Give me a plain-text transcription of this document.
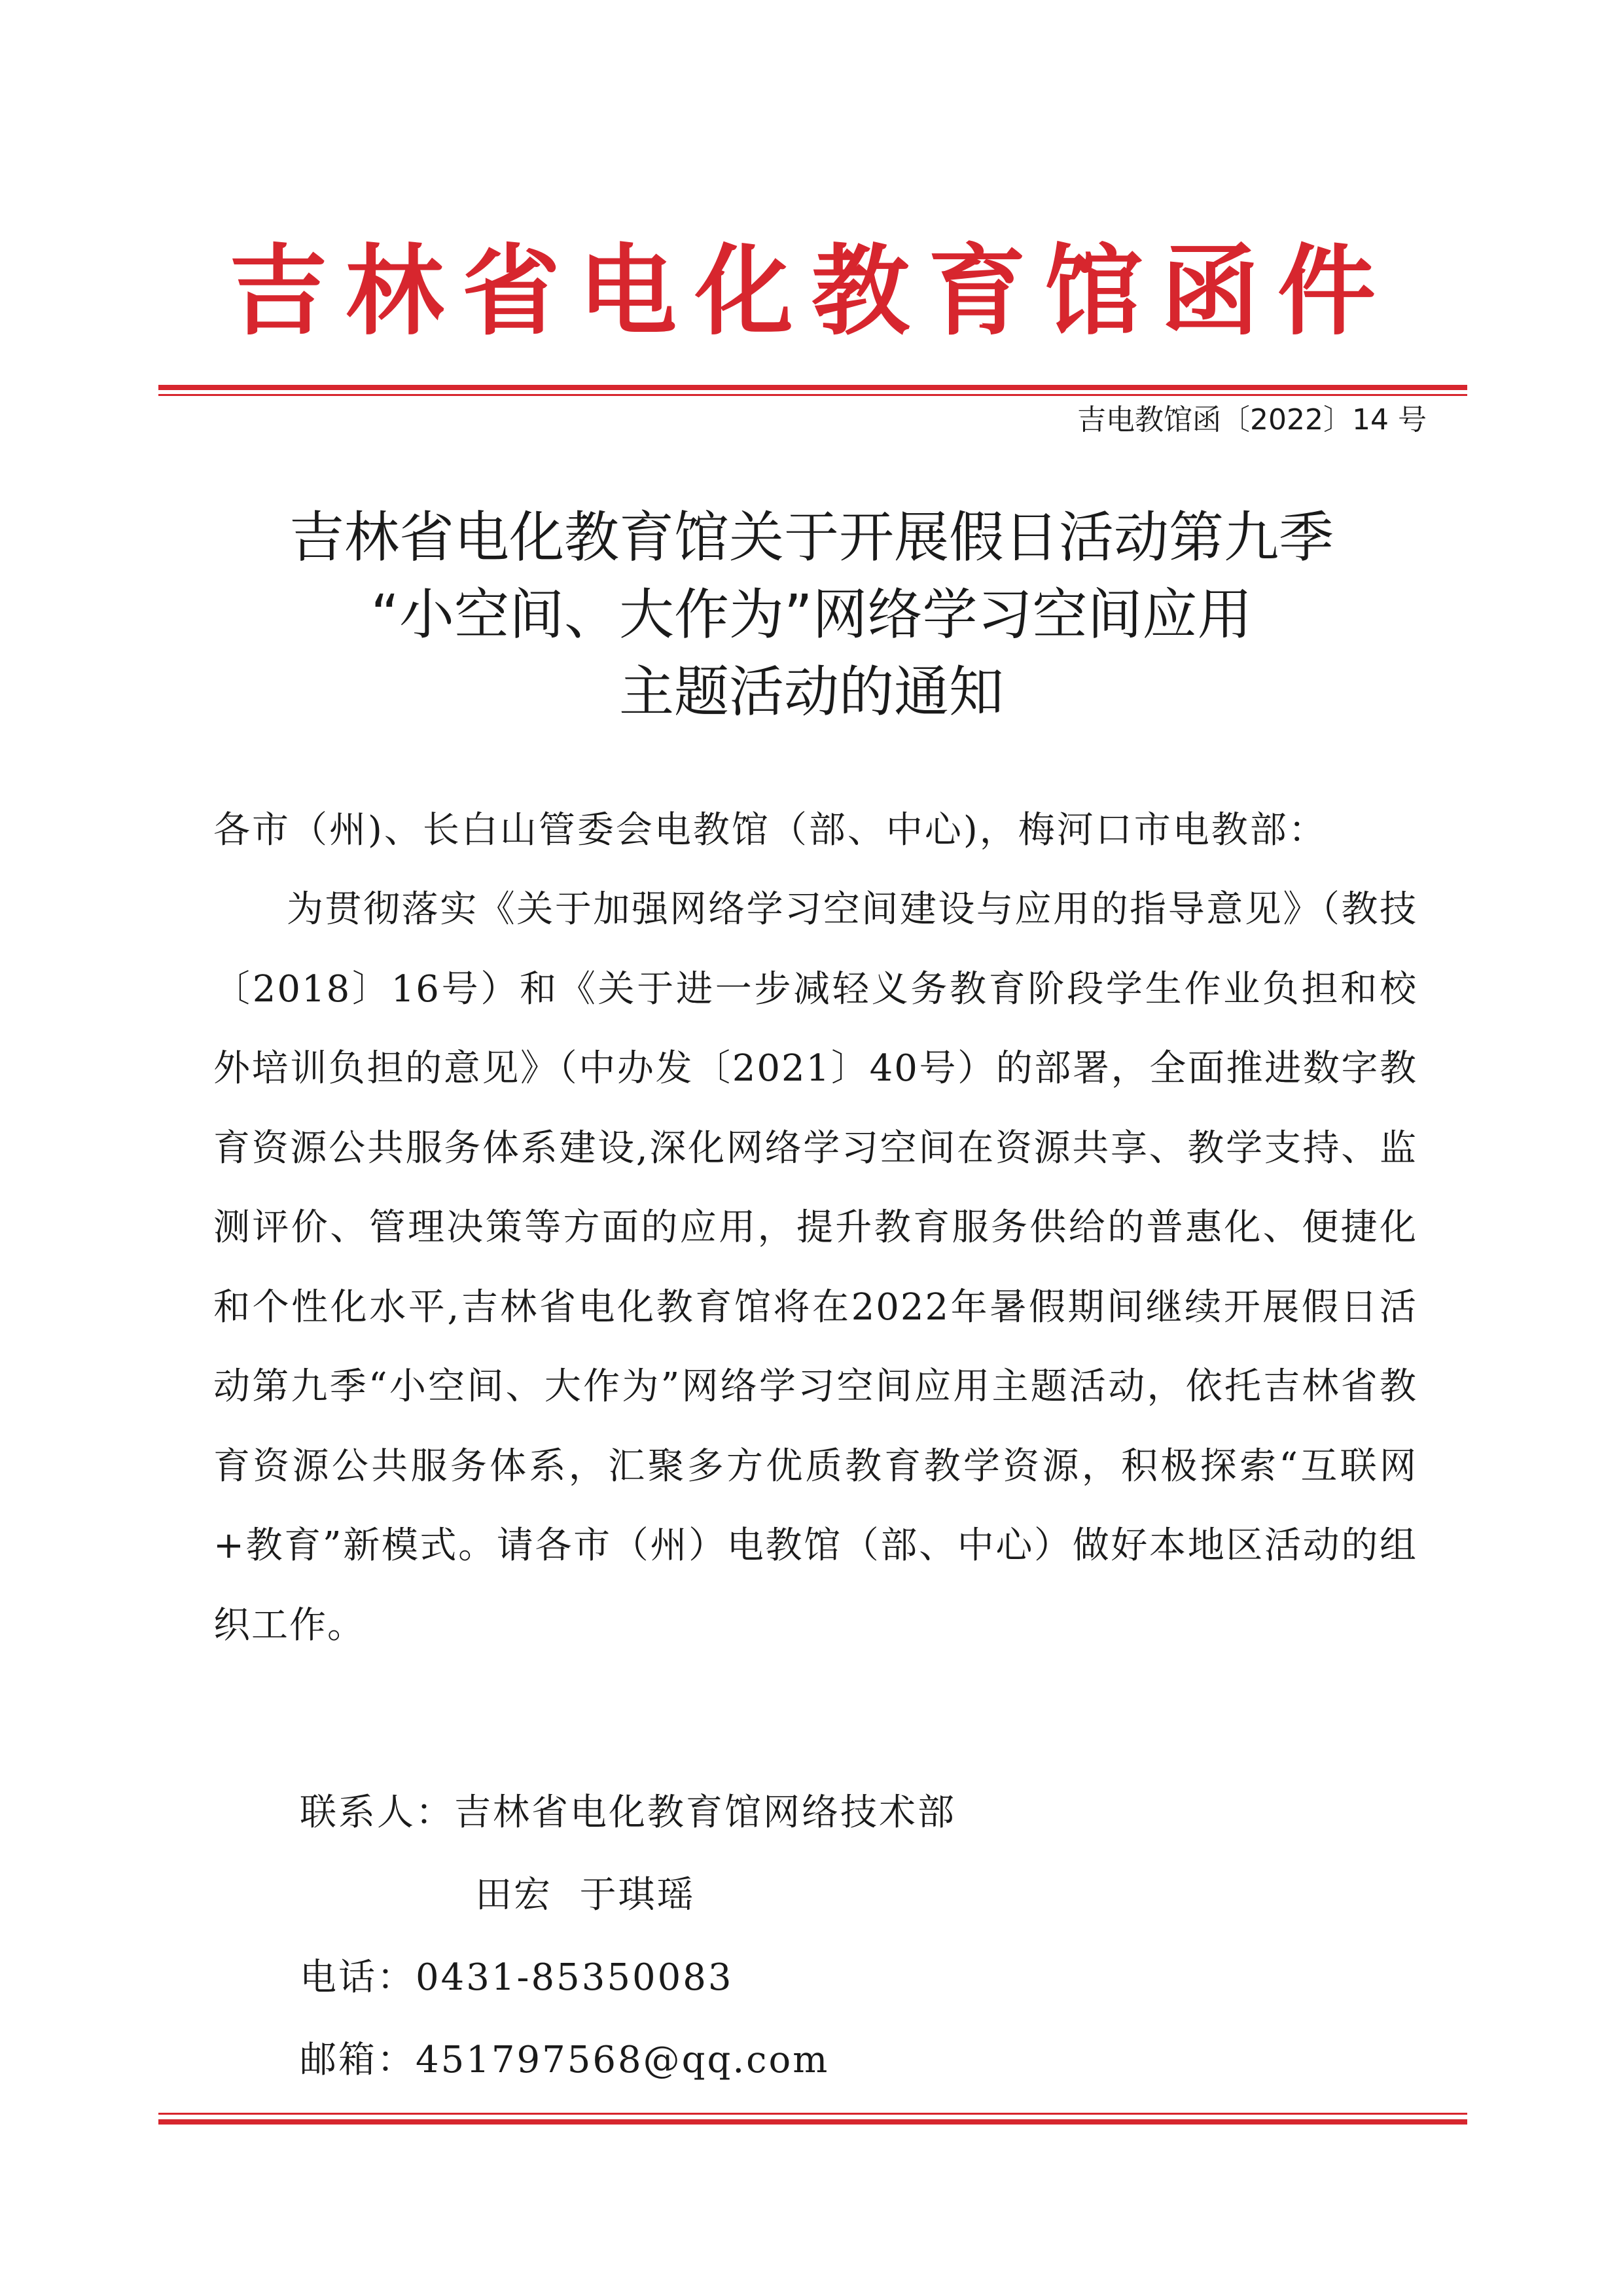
吉林省电化教育馆函件
吉电教馆函〔2022〕14 号
吉林省电化教育馆关于开展假日活动第九季
“小空间、大作为”网络学习空间应用
主题活动的通知
各市（州)、长白山管委会电教馆（部、中心)，梅河口市电教部：
为贯彻落实《关于加强网络学习空间建设与应用的指导意见》（教技〔2018〕16号）和《关于进一步减轻义务教育阶段学生作业负担和校外培训负担的意见》（中办发〔2021〕40号）的部署，全面推进数字教育资源公共服务体系建设,深化网络学习空间在资源共享、教学支持、监测评价、管理决策等方面的应用，提升教育服务供给的普惠化、便捷化和个性化水平,吉林省电化教育馆将在2022年暑假期间继续开展假日活动第九季“小空间、大作为”网络学习空间应用主题活动，依托吉林省教育资源公共服务体系，汇聚多方优质教育教学资源，积极探索“互联网+教育”新模式。请各市（州）电教馆（部、中心）做好本地区活动的组织工作。
联系人：吉林省电化教育馆网络技术部
田宏  于琪瑶
电话：0431-85350083
邮箱：451797568@qq.com
